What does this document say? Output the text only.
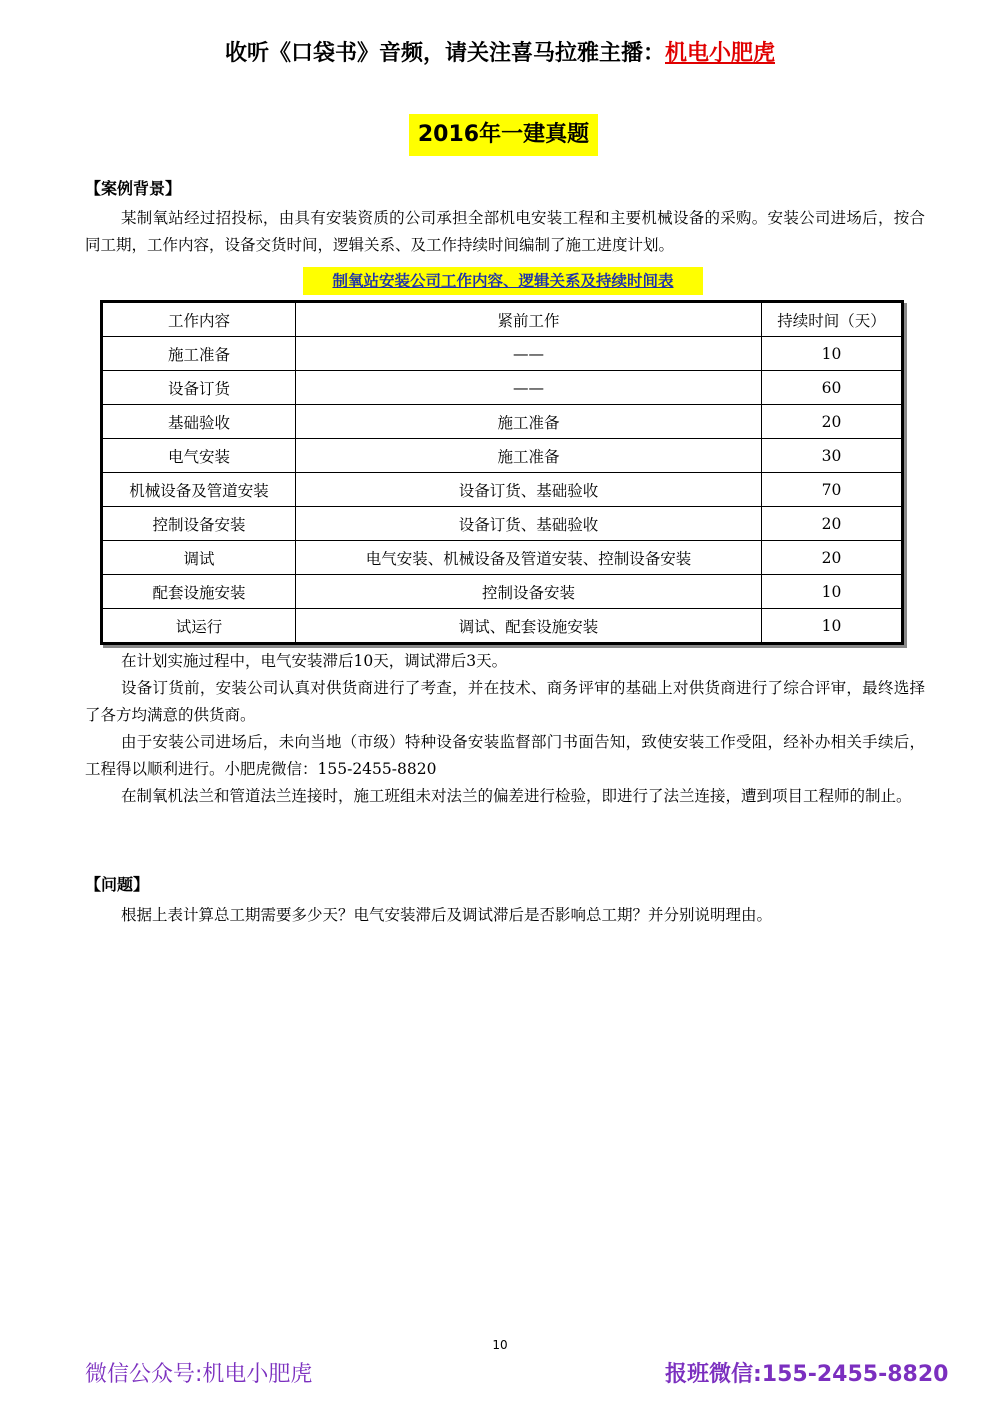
收听《口袋书》音频，请关注喜马拉雅主播：机电小肥虎
2016年一建真题
【案例背景】
某制氧站经过招投标，由具有安装资质的公司承担全部机电安装工程和主要机械设备的采购。安装公司进场后，按合同工期，工作内容，设备交货时间，逻辑关系、及工作持续时间编制了施工进度计划。
制氧站安装公司工作内容、逻辑关系及持续时间表
工作内容	紧前工作	持续时间（天）
施工准备	——	10
设备订货	——	60
基础验收	施工准备	20
电气安装	施工准备	30
机械设备及管道安装	设备订货、基础验收	70
控制设备安装	设备订货、基础验收	20
调试	电气安装、机械设备及管道安装、控制设备安装	20
配套设施安装	控制设备安装	10
试运行	调试、配套设施安装	10
在计划实施过程中，电气安装滞后10天，调试滞后3天。
设备订货前，安装公司认真对供货商进行了考查，并在技术、商务评审的基础上对供货商进行了综合评审，最终选择了各方均满意的供货商。
由于安装公司进场后，未向当地（市级）特种设备安装监督部门书面告知，致使安装工作受阻，经补办相关手续后，工程得以顺利进行。小肥虎微信：155-2455-8820
在制氧机法兰和管道法兰连接时，施工班组未对法兰的偏差进行检验，即进行了法兰连接，遭到项目工程师的制止。
【问题】
根据上表计算总工期需要多少天？电气安装滞后及调试滞后是否影响总工期？并分别说明理由。
10
微信公众号:机电小肥虎	报班微信:155-2455-8820
